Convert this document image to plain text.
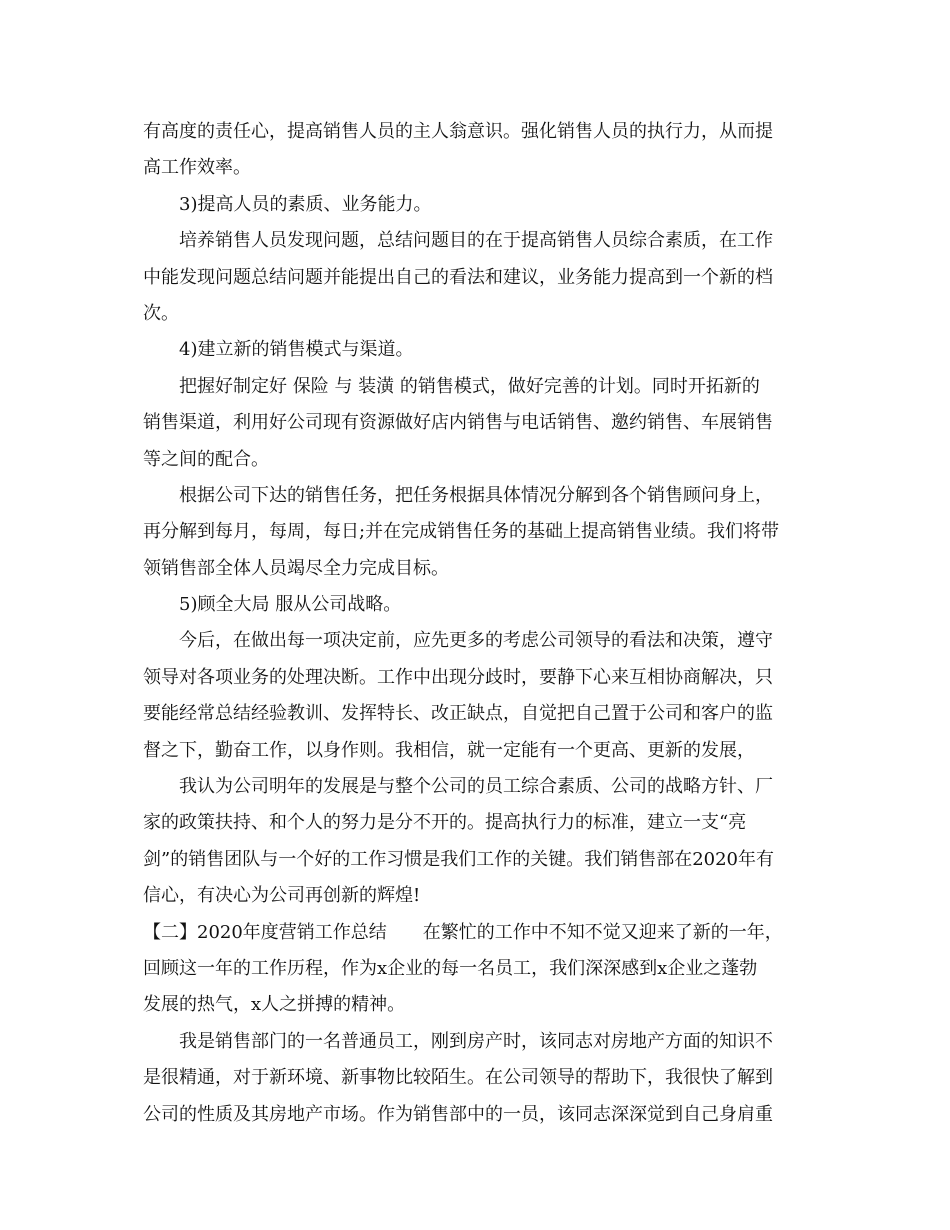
有高度的责任心，提高销售人员的主人翁意识。强化销售人员的执行力，从而提
高工作效率。
3)提高人员的素质、业务能力。
培养销售人员发现问题，总结问题目的在于提高销售人员综合素质，在工作
中能发现问题总结问题并能提出自己的看法和建议，业务能力提高到一个新的档
次。
4)建立新的销售模式与渠道。
把握好制定好 保险 与 装潢 的销售模式，做好完善的计划。同时开拓新的
销售渠道，利用好公司现有资源做好店内销售与电话销售、邀约销售、车展销售
等之间的配合。
根据公司下达的销售任务，把任务根据具体情况分解到各个销售顾问身上，
再分解到每月，每周，每日;并在完成销售任务的基础上提高销售业绩。我们将带
领销售部全体人员竭尽全力完成目标。
5)顾全大局 服从公司战略。
今后，在做出每一项决定前，应先更多的考虑公司领导的看法和决策，遵守
领导对各项业务的处理决断。工作中出现分歧时，要静下心来互相协商解决，只
要能经常总结经验教训、发挥特长、改正缺点，自觉把自己置于公司和客户的监
督之下，勤奋工作，以身作则。我相信，就一定能有一个更高、更新的发展，
我认为公司明年的发展是与整个公司的员工综合素质、公司的战略方针、厂
家的政策扶持、和个人的努力是分不开的。提高执行力的标准，建立一支“亮
剑”的销售团队与一个好的工作习惯是我们工作的关键。我们销售部在2020年有
信心，有决心为公司再创新的辉煌!
【二】2020年度营销工作总结　　在繁忙的工作中不知不觉又迎来了新的一年，
回顾这一年的工作历程，作为x企业的每一名员工，我们深深感到x企业之蓬勃
发展的热气，x人之拼搏的精神。
我是销售部门的一名普通员工，刚到房产时，该同志对房地产方面的知识不
是很精通，对于新环境、新事物比较陌生。在公司领导的帮助下，我很快了解到
公司的性质及其房地产市场。作为销售部中的一员，该同志深深觉到自己身肩重
